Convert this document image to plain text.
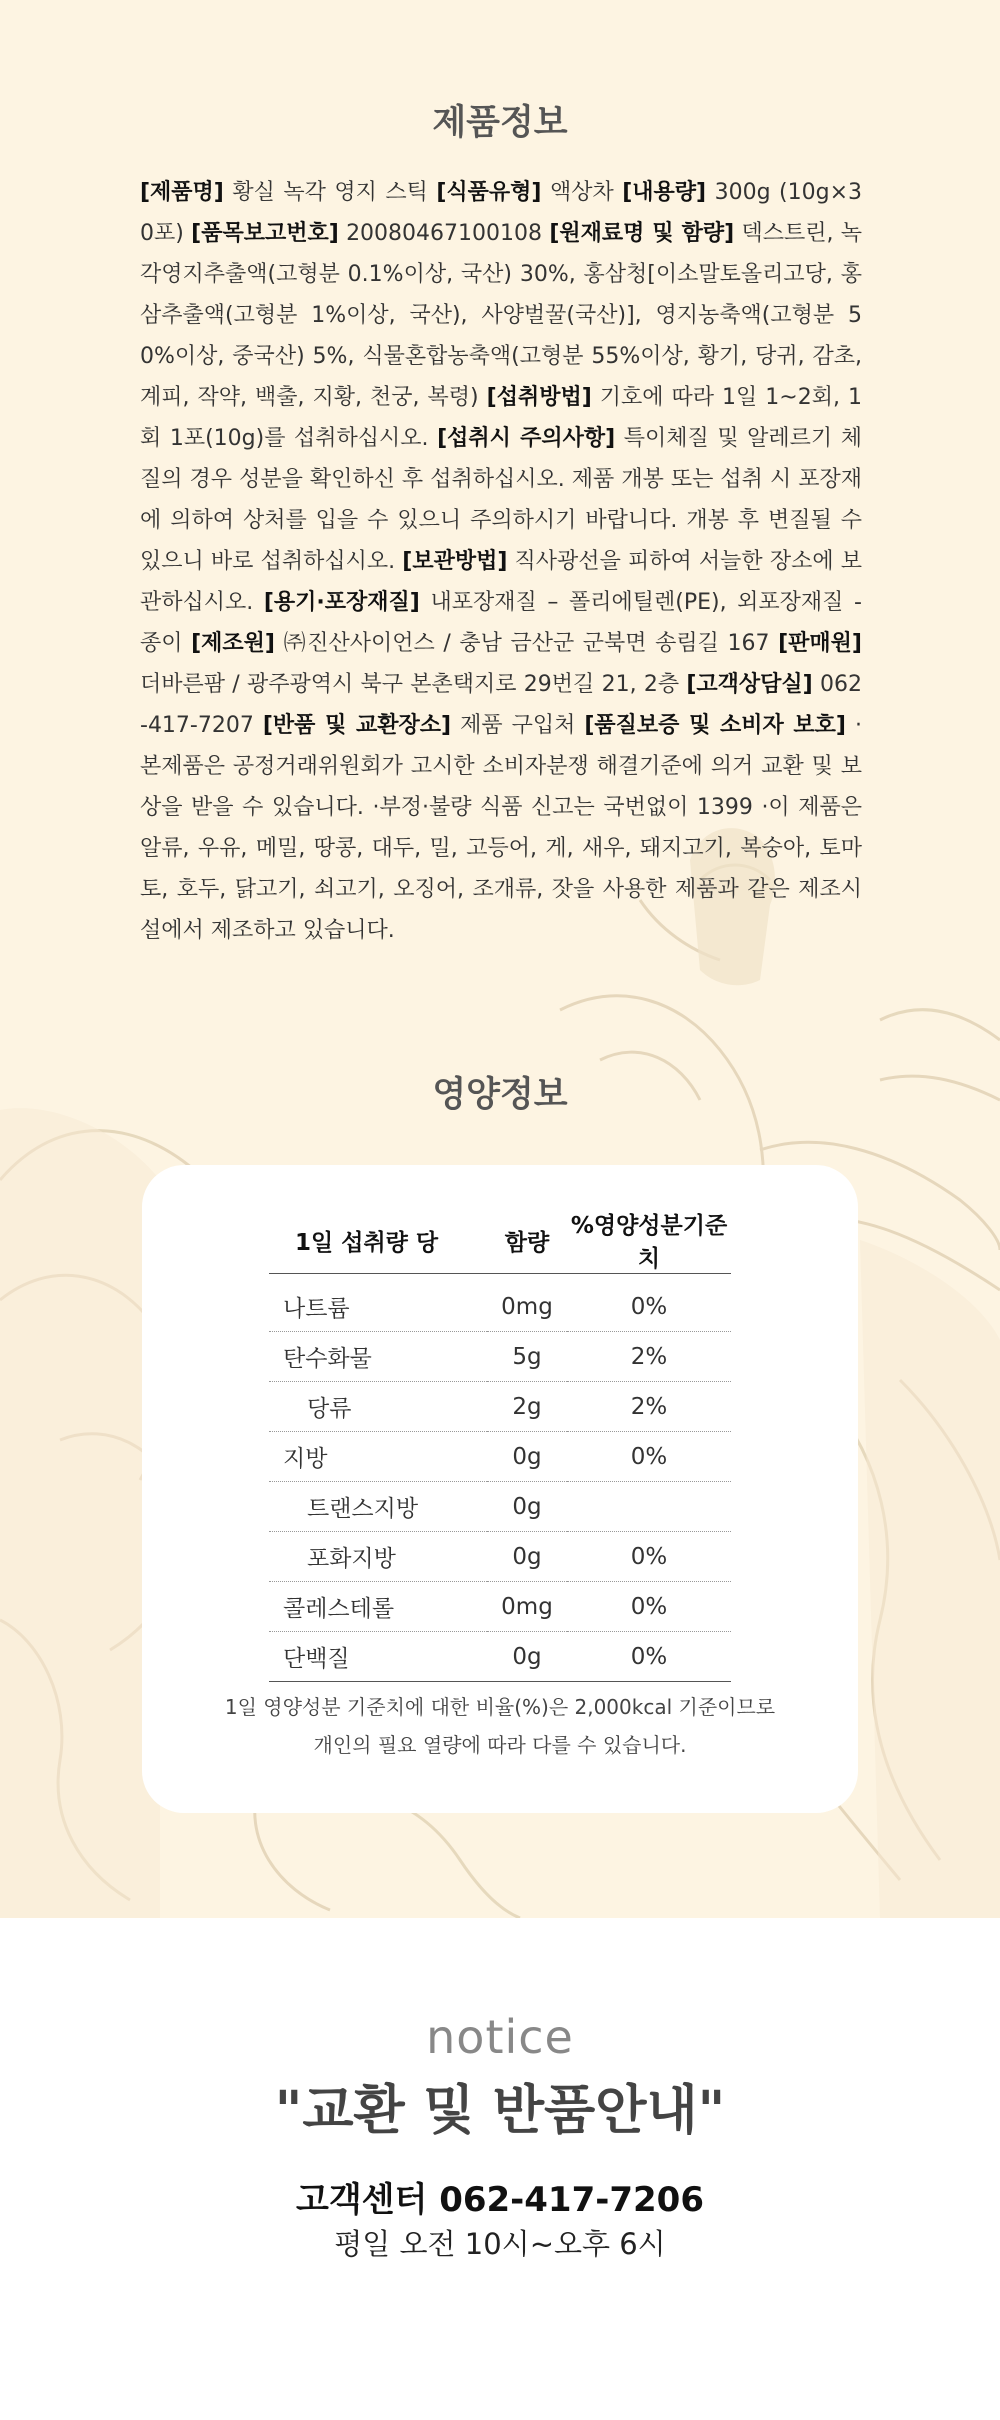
제품정보

[제품명] 황실 녹각 영지 스틱 [식품유형] 액상차 [내용량] 300g (10g×30포) [품목보고번호] 20080467100108 [원재료명 및 함량] 덱스트린, 녹각영지추출액(고형분 0.1%이상, 국산) 30%, 홍삼청[이소말토올리고당, 홍삼추출액(고형분 1%이상, 국산), 사양벌꿀(국산)], 영지농축액(고형분 50%이상, 중국산) 5%, 식물혼합농축액(고형분 55%이상, 황기, 당귀, 감초, 계피, 작약, 백출, 지황, 천궁, 복령) [섭취방법] 기호에 따라 1일 1~2회, 1회 1포(10g)를 섭취하십시오. [섭취시 주의사항] 특이체질 및 알레르기 체질의 경우 성분을 확인하신 후 섭취하십시오. 제품 개봉 또는 섭취 시 포장재에 의하여 상처를 입을 수 있으니 주의하시기 바랍니다. 개봉 후 변질될 수 있으니 바로 섭취하십시오. [보관방법] 직사광선을 피하여 서늘한 장소에 보관하십시오. [용기·포장재질] 내포장재질 – 폴리에틸렌(PE), 외포장재질 - 종이 [제조원] ㈜진산사이언스 / 충남 금산군 군북면 송림길 167 [판매원] 더바른팜 / 광주광역시 북구 본촌택지로 29번길 21, 2층 [고객상담실] 062-417-7207 [반품 및 교환장소] 제품 구입처 [품질보증 및 소비자 보호] ·본제품은 공정거래위원회가 고시한 소비자분쟁 해결기준에 의거 교환 및 보상을 받을 수 있습니다. ·부정·불량 식품 신고는 국번없이 1399 ·이 제품은 알류, 우유, 메밀, 땅콩, 대두, 밀, 고등어, 게, 새우, 돼지고기, 복숭아, 토마토, 호두, 닭고기, 쇠고기, 오징어, 조개류, 잣을 사용한 제품과 같은 제조시설에서 제조하고 있습니다.

영양정보
1일 섭취량 당	함량	%영양성분기준치
나트륨	0mg	0%
탄수화물	5g	2%
당류	2g	2%
지방	0g	0%
트랜스지방	0g	
포화지방	0g	0%
콜레스테롤	0mg	0%
단백질	0g	0%

1일 영양성분 기준치에 대한 비율(%)은 2,000kcal 기준이므로
개인의 필요 열량에 따라 다를 수 있습니다.

notice

"교환 및 반품안내"

고객센터 062-417-7206

평일 오전 10시~오후 6시
